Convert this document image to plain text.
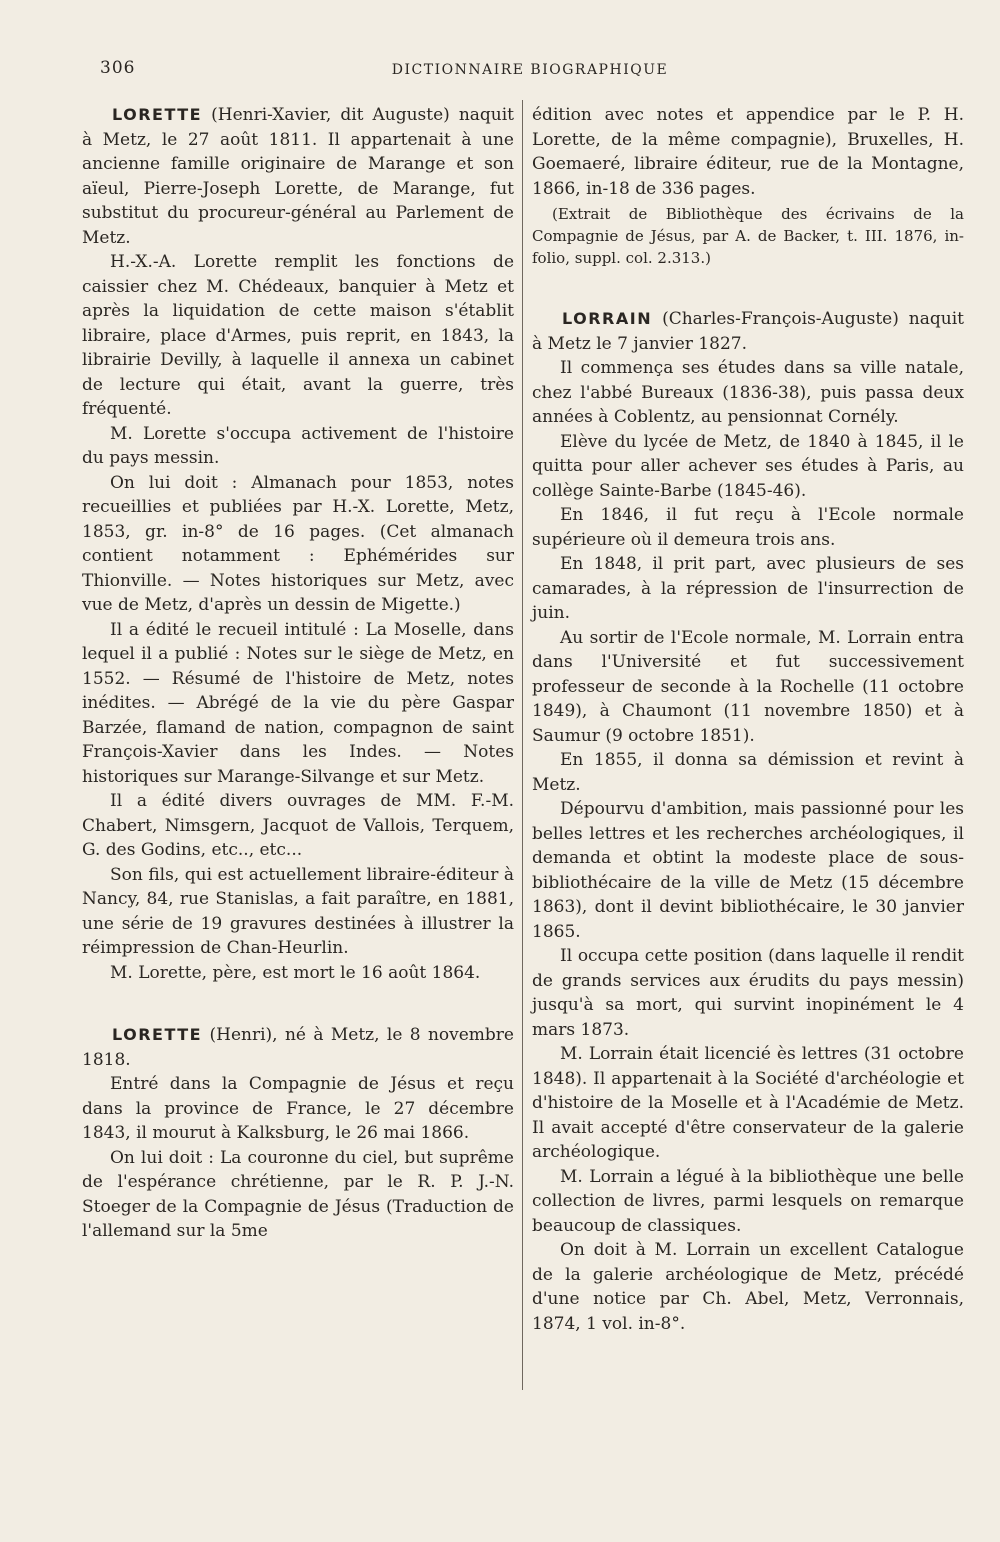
306	DICTIONNAIRE BIOGRAPHIQUE

LORETTE (Henri-Xavier, dit Auguste) naquit à Metz, le 27 août 1811. Il appartenait à une ancienne famille originaire de Marange et son aïeul, Pierre-Joseph Lorette, de Marange, fut substitut du procureur-général au Parlement de Metz.

H.-X.-A. Lorette remplit les fonctions de caissier chez M. Chédeaux, banquier à Metz et après la liquidation de cette maison s'établit libraire, place d'Armes, puis reprit, en 1843, la librairie Devilly, à laquelle il annexa un cabinet de lecture qui était, avant la guerre, très fréquenté.

M. Lorette s'occupa activement de l'histoire du pays messin.

On lui doit : Almanach pour 1853, notes recueillies et publiées par H.-X. Lorette, Metz, 1853, gr. in-8° de 16 pages. (Cet almanach contient notamment : Ephémérides sur Thionville. — Notes historiques sur Metz, avec vue de Metz, d'après un dessin de Migette.)

Il a édité le recueil intitulé : La Moselle, dans lequel il a publié : Notes sur le siège de Metz, en 1552. — Résumé de l'histoire de Metz, notes inédites. — Abrégé de la vie du père Gaspar Barzée, flamand de nation, compagnon de saint François-Xavier dans les Indes. — Notes historiques sur Marange-Silvange et sur Metz.

Il a édité divers ouvrages de MM. F.-M. Chabert, Nimsgern, Jacquot de Vallois, Terquem, G. des Godins, etc.., etc...

Son fils, qui est actuellement libraire-éditeur à Nancy, 84, rue Stanislas, a fait paraître, en 1881, une série de 19 gravures destinées à illustrer la réimpression de Chan-Heurlin.

M. Lorette, père, est mort le 16 août 1864.

LORETTE (Henri), né à Metz, le 8 novembre 1818.

Entré dans la Compagnie de Jésus et reçu dans la province de France, le 27 décembre 1843, il mourut à Kalksburg, le 26 mai 1866.

On lui doit : La couronne du ciel, but suprême de l'espérance chrétienne, par le R. P. J.-N. Stoeger de la Compagnie de Jésus (Traduction de l'allemand sur la 5me

édition avec notes et appendice par le P. H. Lorette, de la même compagnie), Bruxelles, H. Goemaeré, libraire éditeur, rue de la Montagne, 1866, in-18 de 336 pages.

(Extrait de Bibliothèque des écrivains de la Compagnie de Jésus, par A. de Backer, t. III. 1876, in-folio, suppl. col. 2.313.)

LORRAIN (Charles-François-Auguste) naquit à Metz le 7 janvier 1827.

Il commença ses études dans sa ville natale, chez l'abbé Bureaux (1836-38), puis passa deux années à Coblentz, au pensionnat Cornély.

Elève du lycée de Metz, de 1840 à 1845, il le quitta pour aller achever ses études à Paris, au collège Sainte-Barbe (1845-46).

En 1846, il fut reçu à l'Ecole normale supérieure où il demeura trois ans.

En 1848, il prit part, avec plusieurs de ses camarades, à la répression de l'insurrection de juin.

Au sortir de l'Ecole normale, M. Lorrain entra dans l'Université et fut successivement professeur de seconde à la Rochelle (11 octobre 1849), à Chaumont (11 novembre 1850) et à Saumur (9 octobre 1851).

En 1855, il donna sa démission et revint à Metz.

Dépourvu d'ambition, mais passionné pour les belles lettres et les recherches archéologiques, il demanda et obtint la modeste place de sous-bibliothécaire de la ville de Metz (15 décembre 1863), dont il devint bibliothécaire, le 30 janvier 1865.

Il occupa cette position (dans laquelle il rendit de grands services aux érudits du pays messin) jusqu'à sa mort, qui survint inopinément le 4 mars 1873.

M. Lorrain était licencié ès lettres (31 octobre 1848). Il appartenait à la Société d'archéologie et d'histoire de la Moselle et à l'Académie de Metz. Il avait accepté d'être conservateur de la galerie archéologique.

M. Lorrain a légué à la bibliothèque une belle collection de livres, parmi lesquels on remarque beaucoup de classiques.

On doit à M. Lorrain un excellent Catalogue de la galerie archéologique de Metz, précédé d'une notice par Ch. Abel, Metz, Verronnais, 1874, 1 vol. in-8°.
